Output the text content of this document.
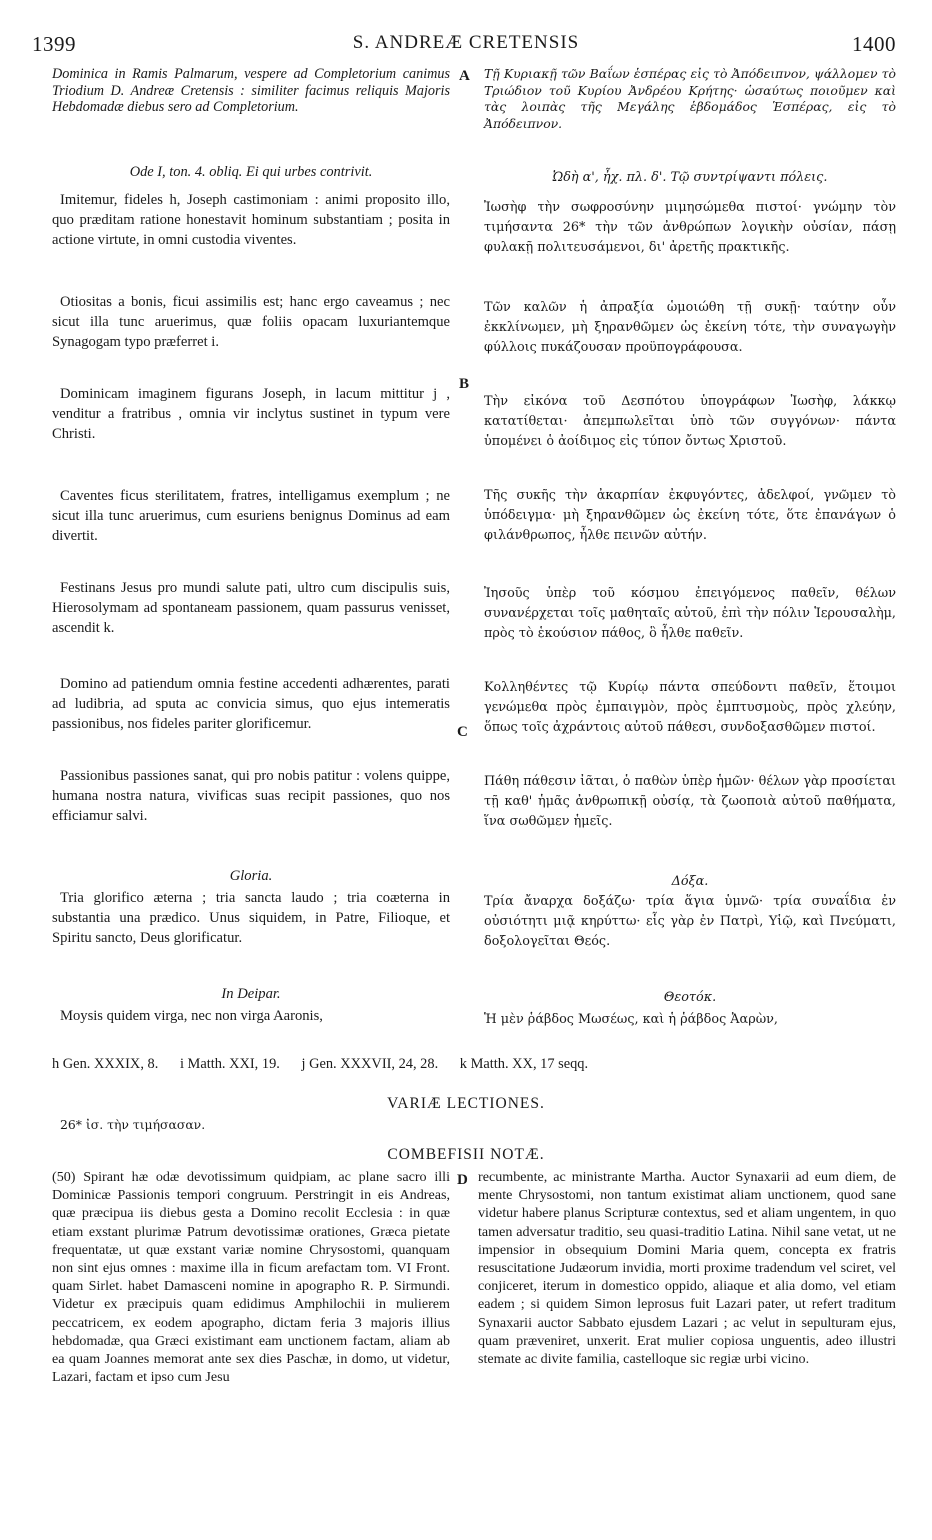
1399	S. ANDREÆ CRETENSIS	1400
Dominica in Ramis Palmarum, vespere ad Completorium canimus Triodium D. Andreæ Cretensis : similiter facimus reliquis Majoris Hebdomadæ diebus sero ad Completorium.
Ode I, ton. 4. obliq. Ei qui urbes contrivit.
Imitemur, fideles h, Joseph castimoniam : animi proposito illo, quo præditam ratione honestavit hominum substantiam ; posita in actione virtute, in omni custodia viventes.
Otiositas a bonis, ficui assimilis est; hanc ergo caveamus ; nec sicut illa tunc aruerimus, quæ foliis opacam luxuriantemque Synagogam typo præferret i.
Dominicam imaginem figurans Joseph, in lacum mittitur j , venditur a fratribus , omnia vir inclytus sustinet in typum vere Christi.
Caventes ficus sterilitatem, fratres, intelligamus exemplum ; ne sicut illa tunc aruerimus, cum esuriens benignus Dominus ad eam divertit.
Festinans Jesus pro mundi salute pati, ultro cum discipulis suis, Hierosolymam ad spontaneam passionem, quam passurus venisset, ascendit k.
Domino ad patiendum omnia festine accedenti adhærentes, parati ad ludibria, ad sputa ac convicia simus, quo ejus intemeratis passionibus, nos fideles pariter glorificemur.
Passionibus passiones sanat, qui pro nobis patitur : volens quippe, humana nostra natura, vivificas suas recipit passiones, quo nos efficiamur salvi.
Gloria.
Tria glorifico æterna ; tria sancta laudo ; tria coæterna in substantia una prædico. Unus siquidem, in Patre, Filioque, et Spiritu sancto, Deus glorificatur.
In Deipar.
Moysis quidem virga, nec non virga Aaronis,
A
B
C
D
Τῇ Κυριακῇ τῶν Βαΐων ἑσπέρας εἰς τὸ Ἀπόδειπνον, ψάλλομεν τὸ Τριώδιον τοῦ Κυρίου Ἀνδρέου Κρήτης· ὡσαύτως ποιοῦμεν καὶ τὰς λοιπὰς τῆς Μεγάλης ἑβδομάδος Ἑσπέρας, εἰς τὸ Ἀπόδειπνον.
Ὠδὴ α', ἦχ. πλ. δ'. Τῷ συντρίψαντι πόλεις.
Ἰωσὴφ τὴν σωφροσύνην μιμησώμεθα πιστοί· γνώμην τὸν τιμήσαντα 26* τὴν τῶν ἀνθρώπων λογικὴν οὐσίαν, πάσῃ φυλακῇ πολιτευσάμενοι, δι' ἀρετῆς πρακτικῆς.
Τῶν καλῶν ἡ ἀπραξία ὡμοιώθη τῇ συκῇ· ταύτην οὖν ἐκκλίνωμεν, μὴ ξηρανθῶμεν ὡς ἐκείνη τότε, τὴν συναγωγὴν φύλλοις πυκάζουσαν προϋπογράφουσα.
Τὴν εἰκόνα τοῦ Δεσπότου ὑπογράφων Ἰωσὴφ, λάκκῳ κατατίθεται· ἀπεμπωλεῖται ὑπὸ τῶν συγγόνων· πάντα ὑπομένει ὁ ἀοίδιμος εἰς τύπον ὄντως Χριστοῦ.
Τῆς συκῆς τὴν ἀκαρπίαν ἐκφυγόντες, ἀδελφοί, γνῶμεν τὸ ὑπόδειγμα· μὴ ξηρανθῶμεν ὡς ἐκείνη τότε, ὅτε ἐπανάγων ὁ φιλάνθρωπος, ἦλθε πεινῶν αὐτήν.
Ἰησοῦς ὑπὲρ τοῦ κόσμου ἐπειγόμενος παθεῖν, θέλων συνανέρχεται τοῖς μαθηταῖς αὐτοῦ, ἐπὶ τὴν πόλιν Ἱερουσαλὴμ, πρὸς τὸ ἑκούσιον πάθος, ὃ ἦλθε παθεῖν.
Κολληθέντες τῷ Κυρίῳ πάντα σπεύδοντι παθεῖν, ἕτοιμοι γενώμεθα πρὸς ἐμπαιγμὸν, πρὸς ἐμπτυσμοὺς, πρὸς χλεύην, ὅπως τοῖς ἀχράντοις αὐτοῦ πάθεσι, συνδοξασθῶμεν πιστοί.
Πάθη πάθεσιν ἰᾶται, ὁ παθὼν ὑπὲρ ἡμῶν· θέλων γὰρ προσίεται τῇ καθ' ἡμᾶς ἀνθρωπικῇ οὐσίᾳ, τὰ ζωοποιὰ αὐτοῦ παθήματα, ἵνα σωθῶμεν ἡμεῖς.
Δόξα.
Τρία ἄναρχα δοξάζω· τρία ἅγια ὑμνῶ· τρία συναΐδια ἐν οὐσιότητι μιᾷ κηρύττω· εἷς γὰρ ἐν Πατρὶ, Υἱῷ, καὶ Πνεύματι, δοξολογεῖται Θεός.
Θεοτόκ.
Ἡ μὲν ῥάβδος Μωσέως, καὶ ἡ ῥάβδος Ἀαρὼν,
h Gen. XXXIX, 8. i Matth. XXI, 19. j Gen. XXXVII, 24, 28. k Matth. XX, 17 seqq.
VARIÆ LECTIONES.
26* ἰσ. τὴν τιμήσασαν.
COMBEFISII NOTÆ.

(50) Spirant hæ odæ devotissimum quidpiam, ac plane sacro illi Dominicæ Passionis tempori congruum. Perstringit in eis Andreas, quæ præcipua iis diebus gesta a Domino recolit Ecclesia : in quæ etiam exstant plurimæ Patrum devotissimæ orationes, Græca pietate frequentatæ, ut quæ exstant variæ nomine Chrysostomi, quanquam non sint ejus omnes : maxime illa in ficum arefactam tom. VI Front. quam Sirlet. habet Damasceni nomine in apographo R. P. Sirmundi. Videtur ex præcipuis quam edidimus Amphilochii in mulierem peccatricem, ex eodem apographo, dictam feria 3 majoris illius hebdomadæ, qua Græci existimant eam unctionem factam, aliam ab ea quam Joannes memorat ante sex dies Paschæ, in domo, ut videtur, Lazari, factam et ipso cum Jesu

recumbente, ac ministrante Martha. Auctor Synaxarii ad eum diem, de mente Chrysostomi, non tantum existimat aliam unctionem, quod sane videtur habere planus Scripturæ contextus, sed et aliam ungentem, in quo tamen adversatur traditio, seu quasi-traditio Latina. Nihil sane vetat, ut ne impensior in obsequium Domini Maria quem, concepta ex fratris resuscitatione Judæorum invidia, morti proxime tradendum vel sciret, vel conjiceret, iterum in domestico oppido, aliaque et alia domo, vel etiam eadem ; si quidem Simon leprosus fuit Lazari pater, ut refert traditum Synaxarii auctor Sabbato ejusdem Lazari ; ac velut in sepulturam ejus, quam præveniret, unxerit. Erat mulier copiosa unguentis, adeo illustri stemate ac divite familia, castelloque sic regiæ urbi vicino.
